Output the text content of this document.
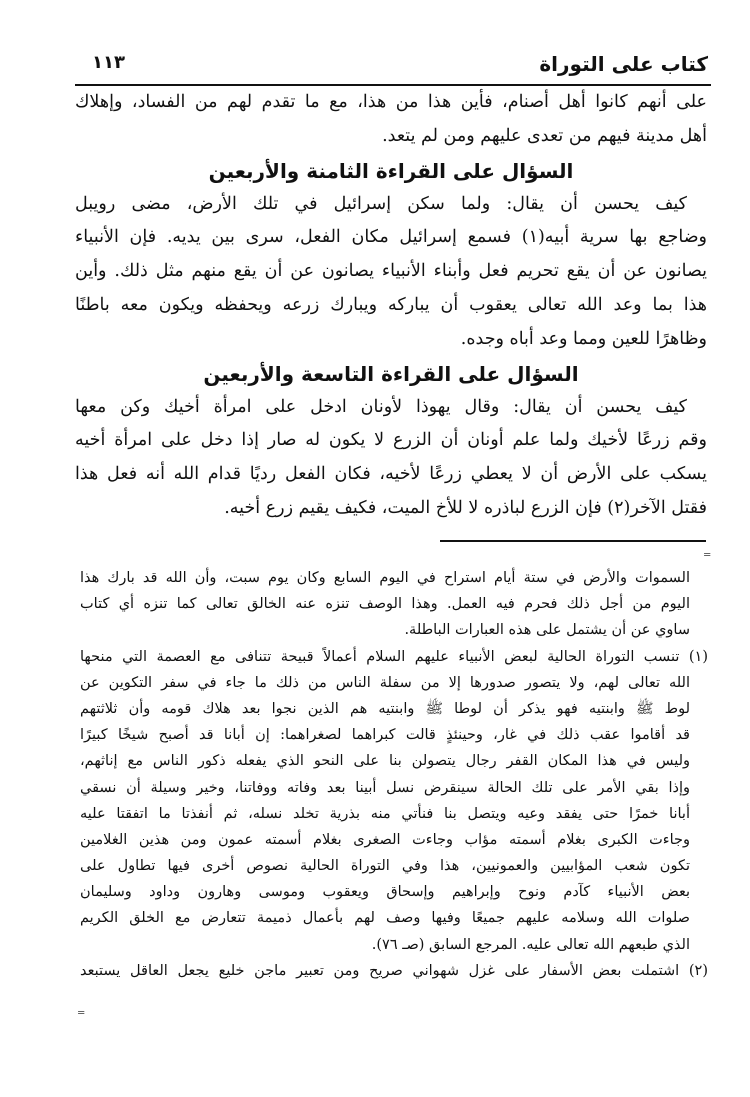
كتاب على التوراة
١١٣
على أنهم كانوا أهل أصنام، فأين هذا من هذا، مع ما تقدم لهم من الفساد، وإهلاك
أهل مدينة فيهم من تعدى عليهم ومن لم يتعد.
السؤال على القراءة الثامنة والأربعين
كيف يحسن أن يقال: ولما سكن إسرائيل في تلك الأرض، مضى رويبل
وضاجع بها سرية أبيه(١) فسمع إسرائيل مكان الفعل، سرى بين يديه. فإن الأنبياء
يصانون عن أن يقع تحريم فعل وأبناء الأنبياء يصانون عن أن يقع منهم مثل ذلك. وأين
هذا بما وعد الله تعالى يعقوب أن يباركه ويبارك زرعه ويحفظه ويكون معه باطنًا
وظاهرًا للعين ومما وعد أباه وجده.
السؤال على القراءة التاسعة والأربعين
كيف يحسن أن يقال: وقال يهوذا لأونان ادخل على امرأة أخيك وكن معها
وقم زرعًا لأخيك ولما علم أونان أن الزرع لا يكون له صار إذا دخل على امرأة أخيه
يسكب على الأرض أن لا يعطي زرعًا لأخيه، فكان الفعل رديًا قدام الله أنه فعل هذا
فقتل الآخر(٢) فإن الزرع لباذره لا للأخ الميت، فكيف يقيم زرع أخيه.
=
السموات والأرض في ستة أيام استراح في اليوم السابع وكان يوم سبت، وأن الله قد بارك هذا
اليوم من أجل ذلك فحرم فيه العمل. وهذا الوصف تنزه عنه الخالق تعالى كما تنزه أي كتاب
ساوي عن أن يشتمل على هذه العبارات الباطلة.
(١) تنسب التوراة الحالية لبعض الأنبياء عليهم السلام أعمالاً قبيحة تتنافى مع العصمة التي منحها
الله تعالى لهم، ولا يتصور صدورها إلا من سفلة الناس من ذلك ما جاء في سفر التكوين عن
لوط ﷺ وابنتيه فهو يذكر أن لوطا ﷺ وابنتيه هم الذين نجوا بعد هلاك قومه وأن ثلاثتهم
قد أقاموا عقب ذلك في غار، وحينئذٍ قالت كبراهما لصغراهما: إن أبانا قد أصبح شيخًا كبيرًا
وليس في هذا المكان القفر رجال يتصولن بنا على النحو الذي يفعله ذكور الناس مع إناثهم،
وإذا بقي الأمر على تلك الحالة سينقرض نسل أبينا بعد وفاته ووفاتنا، وخير وسيلة أن نسقي
أبانا خمرًا حتى يفقد وعيه ويتصل بنا فنأتي منه بذرية تخلد نسله، ثم أنفذتا ما اتفقتا عليه
وجاءت الكبرى بغلام أسمته مؤاب وجاءت الصغرى بغلام أسمته عمون ومن هذين الغلامين
تكون شعب المؤابيين والعمونيين، هذا وفي التوراة الحالية نصوص أخرى فيها تطاول على
بعض الأنبياء كآدم ونوح وإبراهيم وإسحاق ويعقوب وموسى وهارون وداود وسليمان
صلوات الله وسلامه عليهم جميعًا وفيها وصف لهم بأعمال ذميمة تتعارض مع الخلق الكريم
الذي طبعهم الله تعالى عليه. المرجع السابق (صـ ٧٦).
(٢) اشتملت بعض الأسفار على غزل شهواني صريح ومن تعبير ماجن خليع يجعل العاقل يستبعد
=
